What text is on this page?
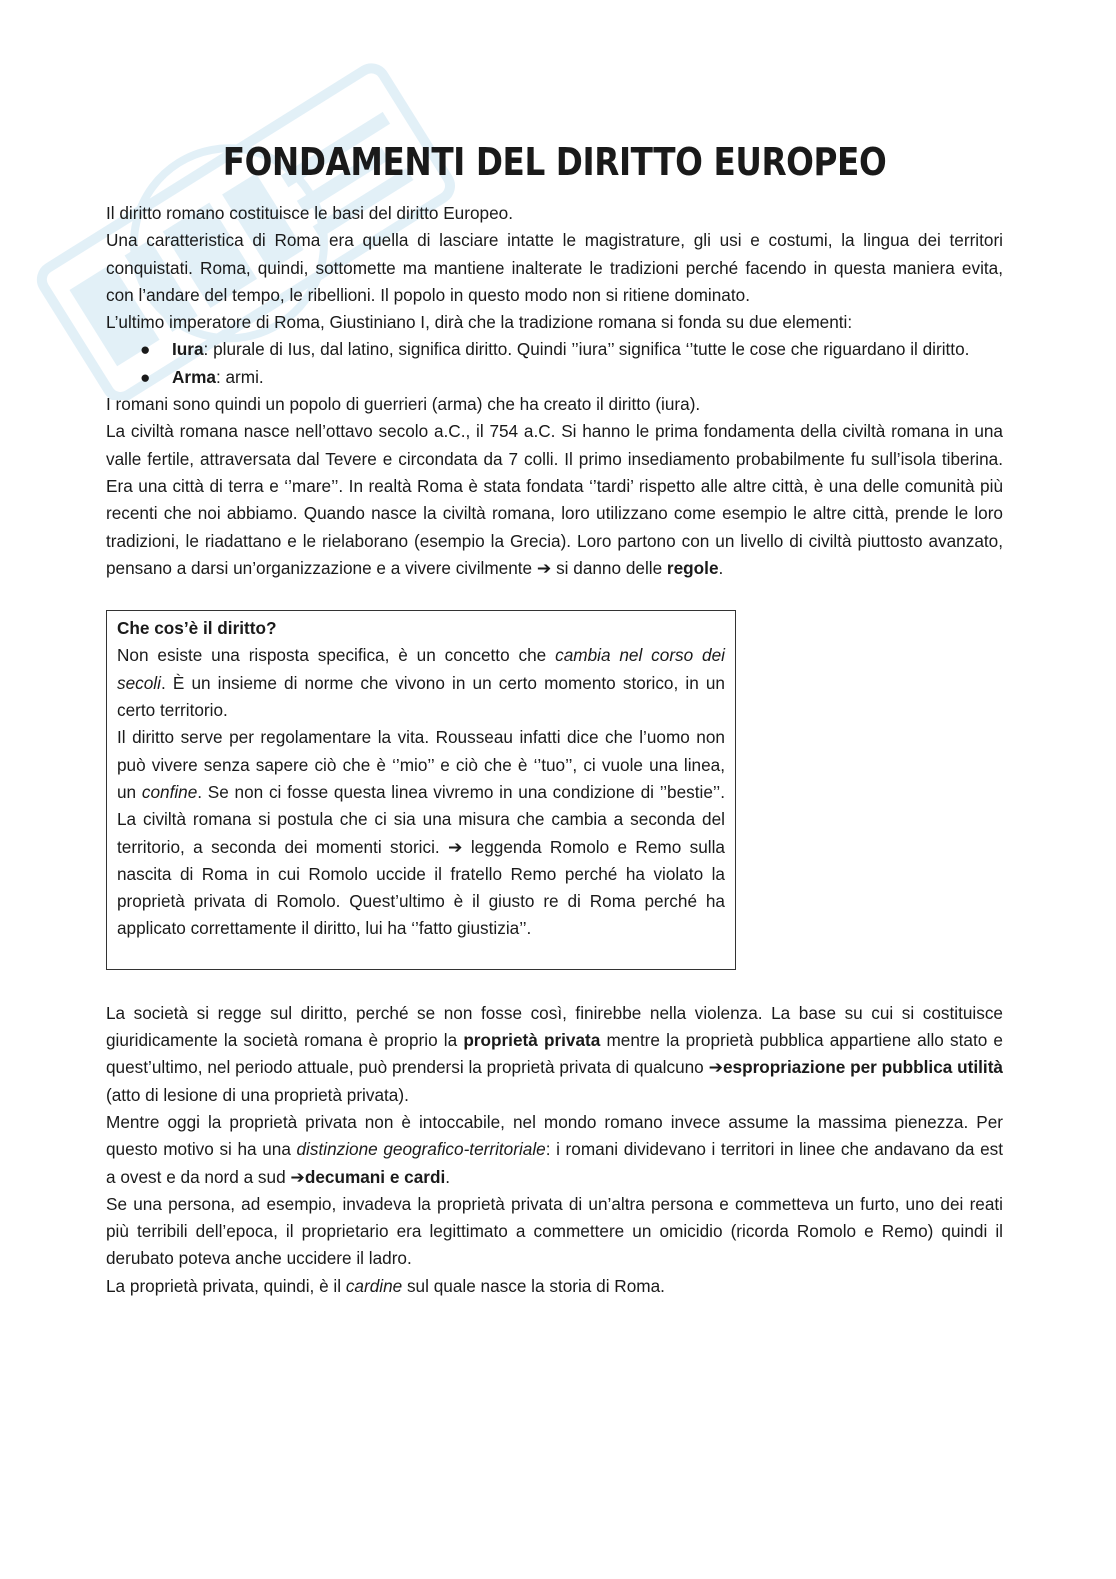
FONDAMENTI DEL DIRITTO EUROPEO

Il diritto romano costituisce le basi del diritto Europeo.

Una caratteristica di Roma era quella di lasciare intatte le magistrature, gli usi e costumi, la lingua dei territori conquistati. Roma, quindi, sottomette ma mantiene inalterate le tradizioni perché facendo in questa maniera evita, con l’andare del tempo, le ribellioni. Il popolo in questo modo non si ritiene dominato.

L’ultimo imperatore di Roma, Giustiniano I, dirà che la tradizione romana si fonda su due elementi:

● Iura: plurale di Ius, dal latino, significa diritto. Quindi ’’iura’’ significa ‘’tutte le cose che riguardano il diritto.
● Arma: armi.

I romani sono quindi un popolo di guerrieri (arma) che ha creato il diritto (iura).

La civiltà romana nasce nell’ottavo secolo a.C., il 754 a.C. Si hanno le prima fondamenta della civiltà romana in una valle fertile, attraversata dal Tevere e circondata da 7 colli. Il primo insediamento probabilmente fu sull’isola tiberina. Era una città di terra e ‘’mare’’. In realtà Roma è stata fondata ‘’tardi’ rispetto alle altre città, è una delle comunità più recenti che noi abbiamo. Quando nasce la civiltà romana, loro utilizzano come esempio le altre città, prende le loro tradizioni, le riadattano e le rielaborano (esempio la Grecia). Loro partono con un livello di civiltà piuttosto avanzato, pensano a darsi un’organizzazione e a vivere civilmente ➔ si danno delle regole.

Che cos’è il diritto?

Non esiste una risposta specifica, è un concetto che cambia nel corso dei secoli. È un insieme di norme che vivono in un certo momento storico, in un certo territorio.

Il diritto serve per regolamentare la vita. Rousseau infatti dice che l’uomo non può vivere senza sapere ciò che è ‘’mio’’ e ciò che è ‘’tuo’’, ci vuole una linea, un confine. Se non ci fosse questa linea vivremo in una condizione di ’’bestie’’. La civiltà romana si postula che ci sia una misura che cambia a seconda del territorio, a seconda dei momenti storici. ➔ leggenda Romolo e Remo sulla nascita di Roma in cui Romolo uccide il fratello Remo perché ha violato la proprietà privata di Romolo. Quest’ultimo è il giusto re di Roma perché ha applicato correttamente il diritto, lui ha ‘’fatto giustizia’’.

La società si regge sul diritto, perché se non fosse così, finirebbe nella violenza. La base su cui si costituisce giuridicamente la società romana è proprio la proprietà privata mentre la proprietà pubblica appartiene allo stato e quest’ultimo, nel periodo attuale, può prendersi la proprietà privata di qualcuno ➔espropriazione per pubblica utilità (atto di lesione di una proprietà privata).

Mentre oggi la proprietà privata non è intoccabile, nel mondo romano invece assume la massima pienezza. Per questo motivo si ha una distinzione geografico-territoriale: i romani dividevano i territori in linee che andavano da est a ovest e da nord a sud ➔decumani e cardi.

Se una persona, ad esempio, invadeva la proprietà privata di un’altra persona e commetteva un furto, uno dei reati più terribili dell’epoca, il proprietario era legittimato a commettere un omicidio (ricorda Romolo e Remo) quindi il derubato poteva anche uccidere il ladro.

La proprietà privata, quindi, è il cardine sul quale nasce la storia di Roma.
